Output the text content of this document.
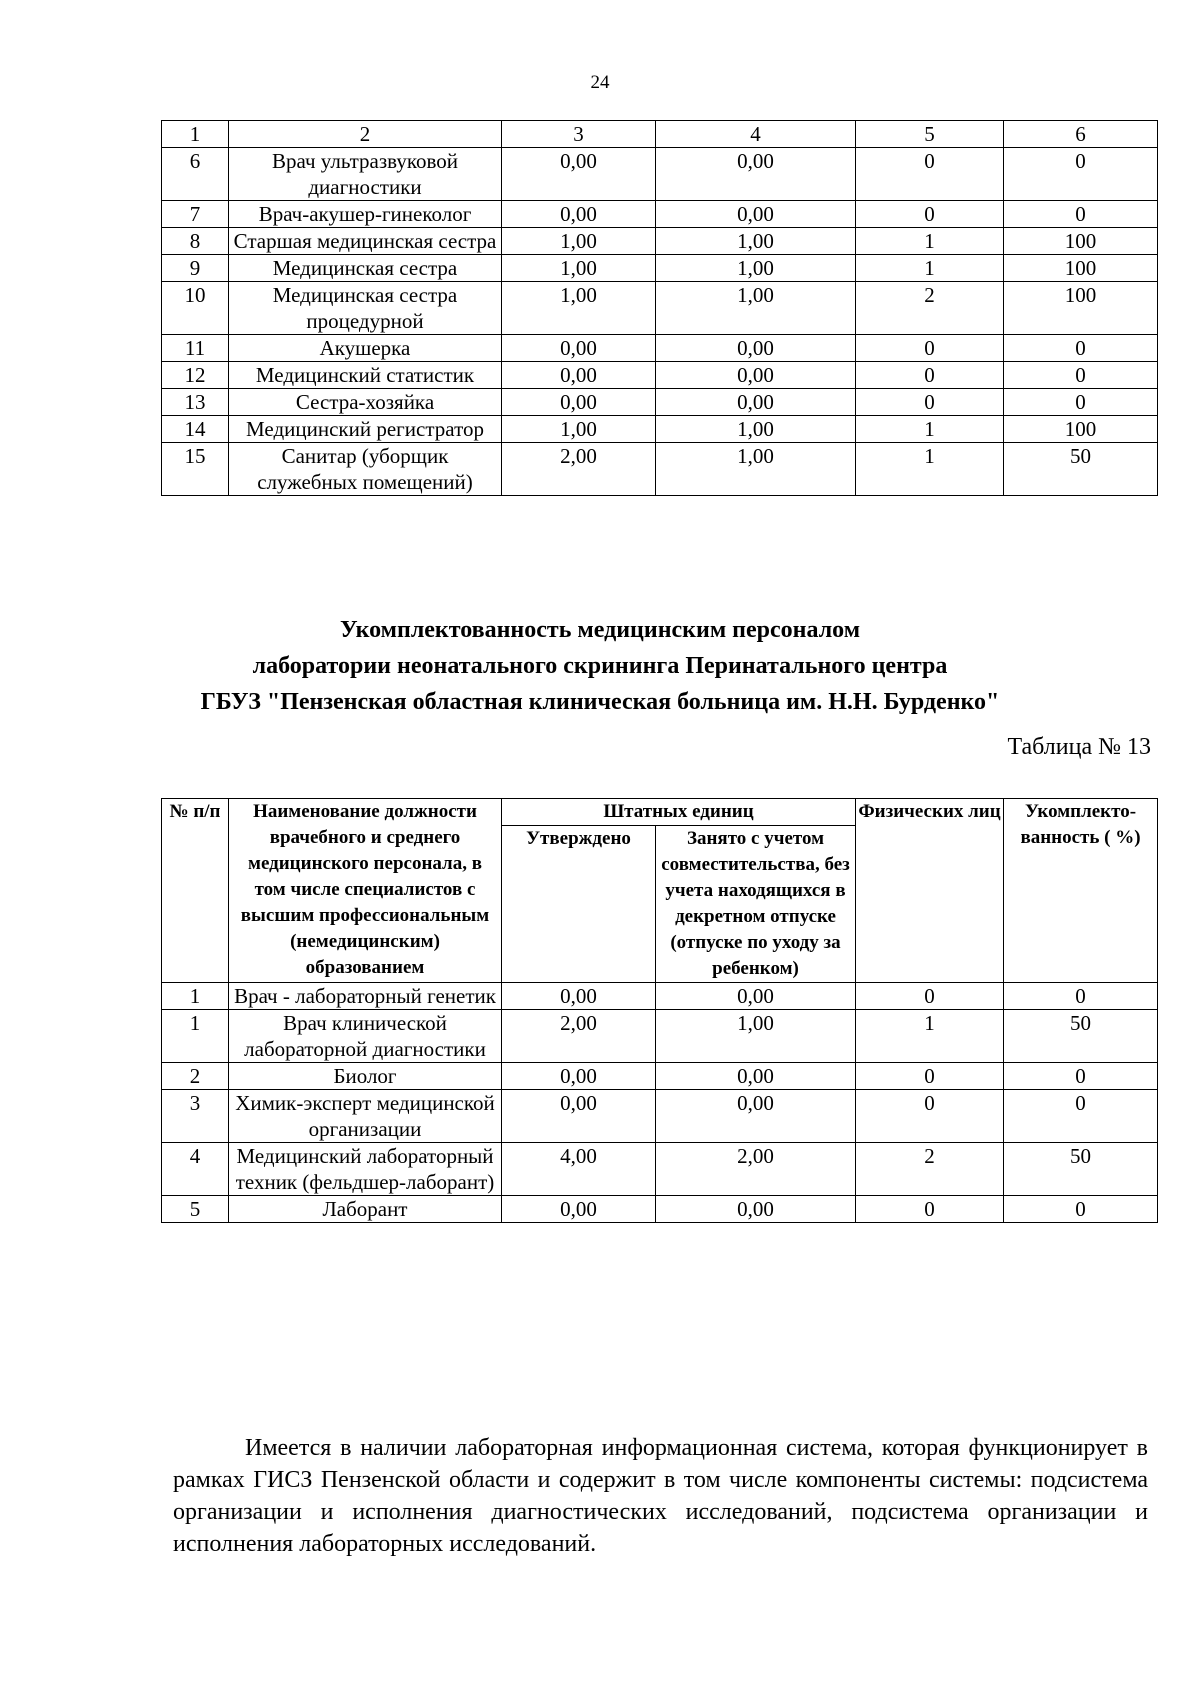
24
1	2	3	4	5	6
6	Врач ультразвуковой диагностики	0,00	0,00	0	0
7	Врач-акушер-гинеколог	0,00	0,00	0	0
8	Старшая медицинская сестра	1,00	1,00	1	100
9	Медицинская сестра	1,00	1,00	1	100
10	Медицинская сестра процедурной	1,00	1,00	2	100
11	Акушерка	0,00	0,00	0	0
12	Медицинский статистик	0,00	0,00	0	0
13	Сестра-хозяйка	0,00	0,00	0	0
14	Медицинский регистратор	1,00	1,00	1	100
15	Санитар (уборщик служебных помещений)	2,00	1,00	1	50
Укомплектованность медицинским персоналом
лаборатории неонатального скрининга Перинатального центра
ГБУЗ "Пензенская областная клиническая больница им. Н.Н. Бурденко"
Таблица № 13
№ п/п	Наименование должности врачебного и среднего медицинского персонала, в том числе специалистов с высшим профессиональным (немедицинским) образованием	Штатных единиц		Физических лиц	Укомплекто-ванность ( %)
		Утверждено	Занято с учетом совместительства, без учета находящихся в декретном отпуске (отпуске по уходу за ребенком)		
1	Врач - лабораторный генетик	0,00	0,00	0	0
1	Врач клинической лабораторной диагностики	2,00	1,00	1	50
2	Биолог	0,00	0,00	0	0
3	Химик-эксперт медицинской организации	0,00	0,00	0	0
4	Медицинский лабораторный техник (фельдшер-лаборант)	4,00	2,00	2	50
5	Лаборант	0,00	0,00	0	0

Имеется в наличии лабораторная информационная система, которая функционирует в рамках ГИСЗ Пензенской области и содержит в том числе компоненты системы: подсистема организации и исполнения диагностических исследований, подсистема организации и исполнения лабораторных исследований.
